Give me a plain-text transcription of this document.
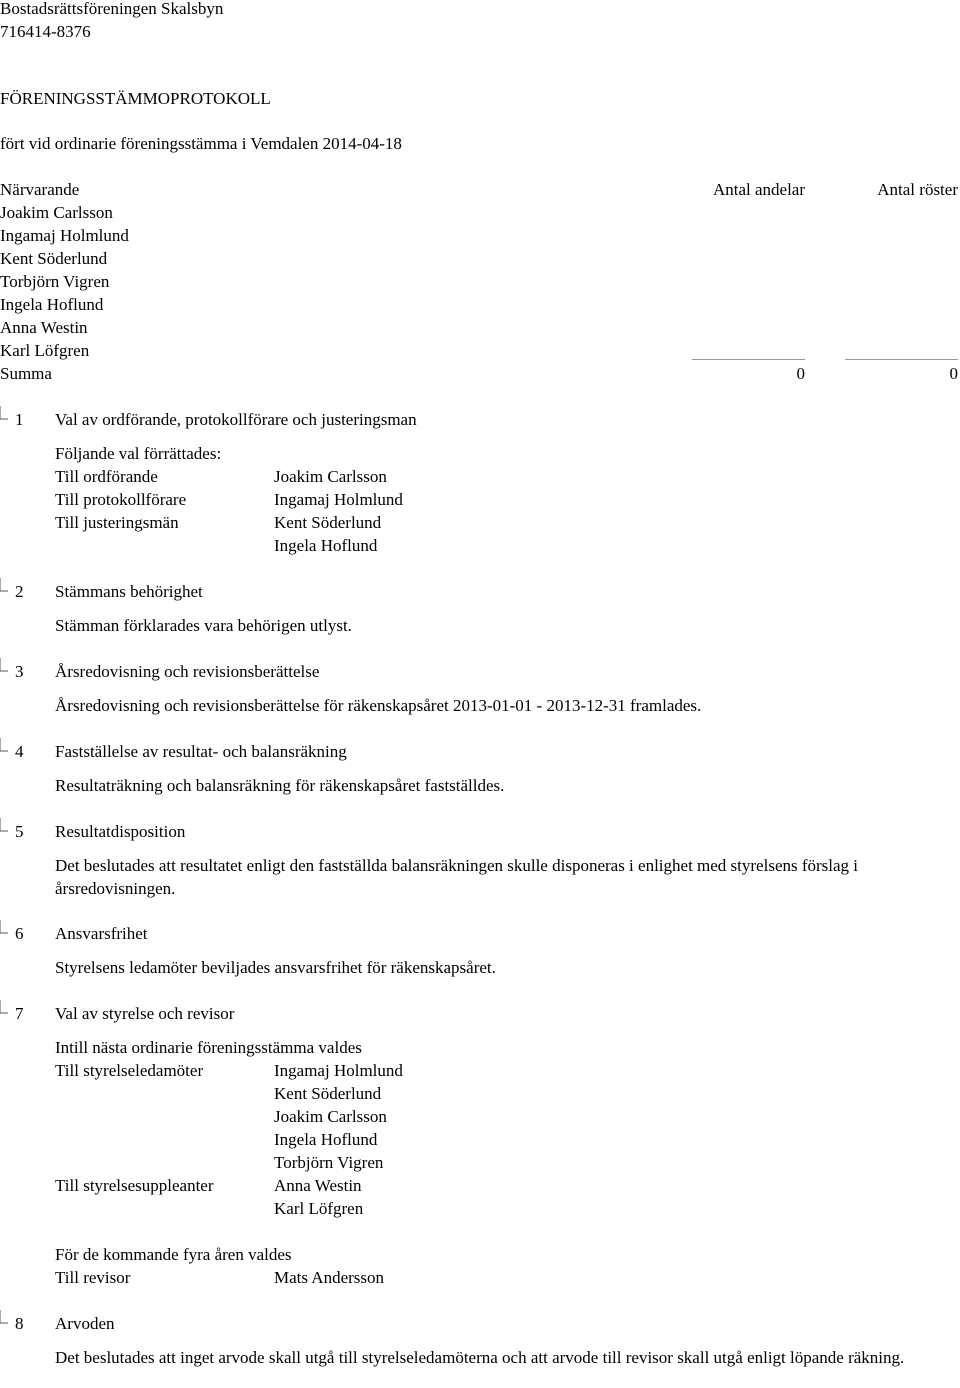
Bostadsrättsföreningen Skalsbyn
716414-8376
FÖRENINGSSTÄMMOPROTOKOLL
fört vid ordinarie föreningsstämma i Vemdalen 2014-04-18
Närvarande	Antal andelar	Antal röster
Joakim Carlsson
Ingamaj Holmlund
Kent Söderlund
Torbjörn Vigren
Ingela Hoflund
Anna Westin
Karl Löfgren
Summa	0	0
1 Val av ordförande, protokollförare och justeringsman
Följande val förrättades:
Till ordförande	Joakim Carlsson
Till protokollförare	Ingamaj Holmlund
Till justeringsmän	Kent Söderlund
Ingela Hoflund
2 Stämmans behörighet
Stämman förklarades vara behörigen utlyst.
3 Årsredovisning och revisionsberättelse
Årsredovisning och revisionsberättelse för räkenskapsåret 2013-01-01 - 2013-12-31 framlades.
4 Fastställelse av resultat- och balansräkning
Resultaträkning och balansräkning för räkenskapsåret fastställdes.
5 Resultatdisposition
Det beslutades att resultatet enligt den fastställda balansräkningen skulle disponeras i enlighet med styrelsens förslag i årsredovisningen.
6 Ansvarsfrihet
Styrelsens ledamöter beviljades ansvarsfrihet för räkenskapsåret.
7 Val av styrelse och revisor
Intill nästa ordinarie föreningsstämma valdes
Till styrelseledamöter	Ingamaj Holmlund
Kent Söderlund
Joakim Carlsson
Ingela Hoflund
Torbjörn Vigren
Till styrelsesuppleanter	Anna Westin
Karl Löfgren
För de kommande fyra åren valdes
Till revisor	Mats Andersson
8 Arvoden
Det beslutades att inget arvode skall utgå till styrelseledamöterna och att arvode till revisor skall utgå enligt löpande räkning.
